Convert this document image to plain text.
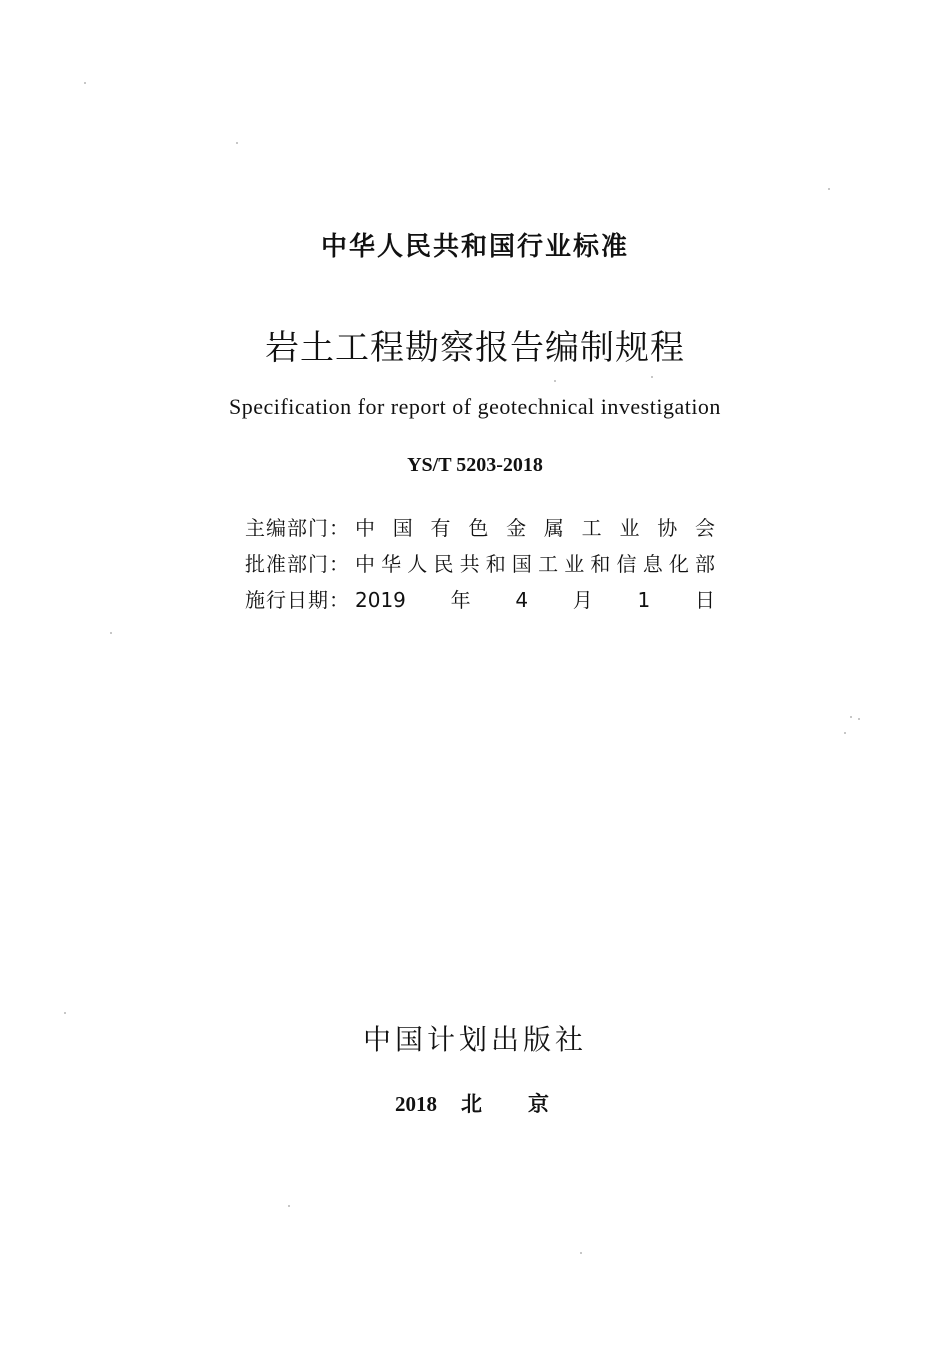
中华人民共和国行业标准
岩土工程勘察报告编制规程
Specification for report of geotechnical investigation
YS/T 5203-2018
主编部门： 中国有色金属工业协会
批准部门： 中华人民共和国工业和信息化部
施行日期： 2019年4月1日
中国计划出版社
2018 北京
